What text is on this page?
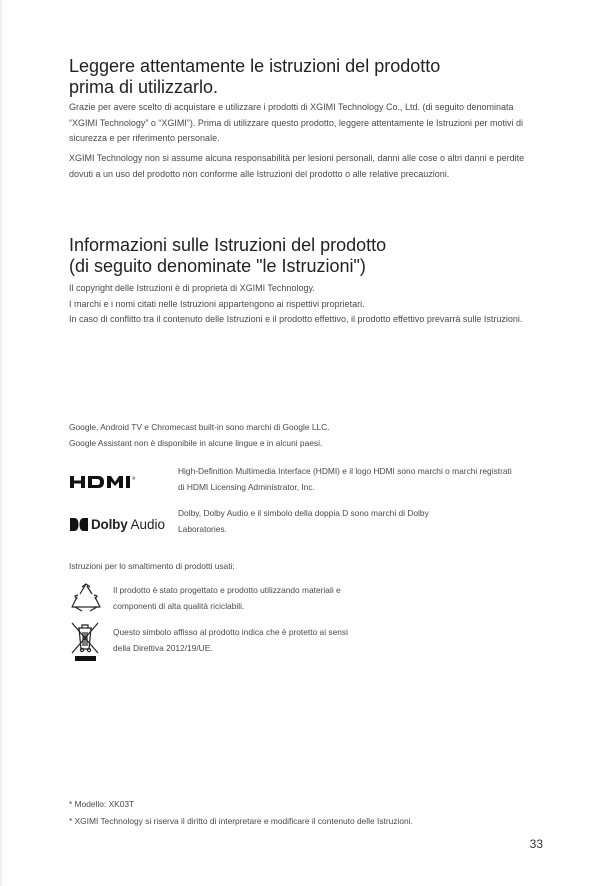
Leggere attentamente le istruzioni del prodotto
prima di utilizzarlo.

Grazie per avere scelto di acquistare e utilizzare i prodotti di XGIMI Technology Co., Ltd. (di seguito denominata “XGIMI Technology” o “XGIMI”). Prima di utilizzare questo prodotto, leggere attentamente le Istruzioni per motivi di sicurezza e per riferimento personale.

XGIMI Technology non si assume alcuna responsabilità per lesioni personali, danni alle cose o altri danni e perdite dovuti a un uso del prodotto non conforme alle Istruzioni del prodotto o alle relative precauzioni.

Informazioni sulle Istruzioni del prodotto
(di seguito denominate "le Istruzioni")

Il copyright delle Istruzioni è di proprietà di XGIMI Technology.
I marchi e i nomi citati nelle Istruzioni appartengono ai rispettivi proprietari.
In caso di conflitto tra il contenuto delle Istruzioni e il prodotto effettivo, il prodotto effettivo prevarrà sulle Istruzioni.

Google, Android TV e Chromecast built-in sono marchi di Google LLC.
Google Assistant non è disponibile in alcune lingue e in alcuni paesi.

®

High-Definition Multimedia Interface (HDMI) e il logo HDMI sono marchi o marchi registrati di HDMI Licensing Administrator, Inc.

Dolby Audio

Dolby, Dolby Audio e il simbolo della doppia D sono marchi di Dolby Laboratories.

Istruzioni per lo smaltimento di prodotti usati:

Il prodotto è stato progettato e prodotto utilizzando materiali e componenti di alta qualità riciclabili.

Questo simbolo affisso al prodotto indica che è protetto ai sensi della Direttiva 2012/19/UE.

* Modello: XK03T

* XGIMI Technology si riserva il diritto di interpretare e modificare il contenuto delle Istruzioni.

33
